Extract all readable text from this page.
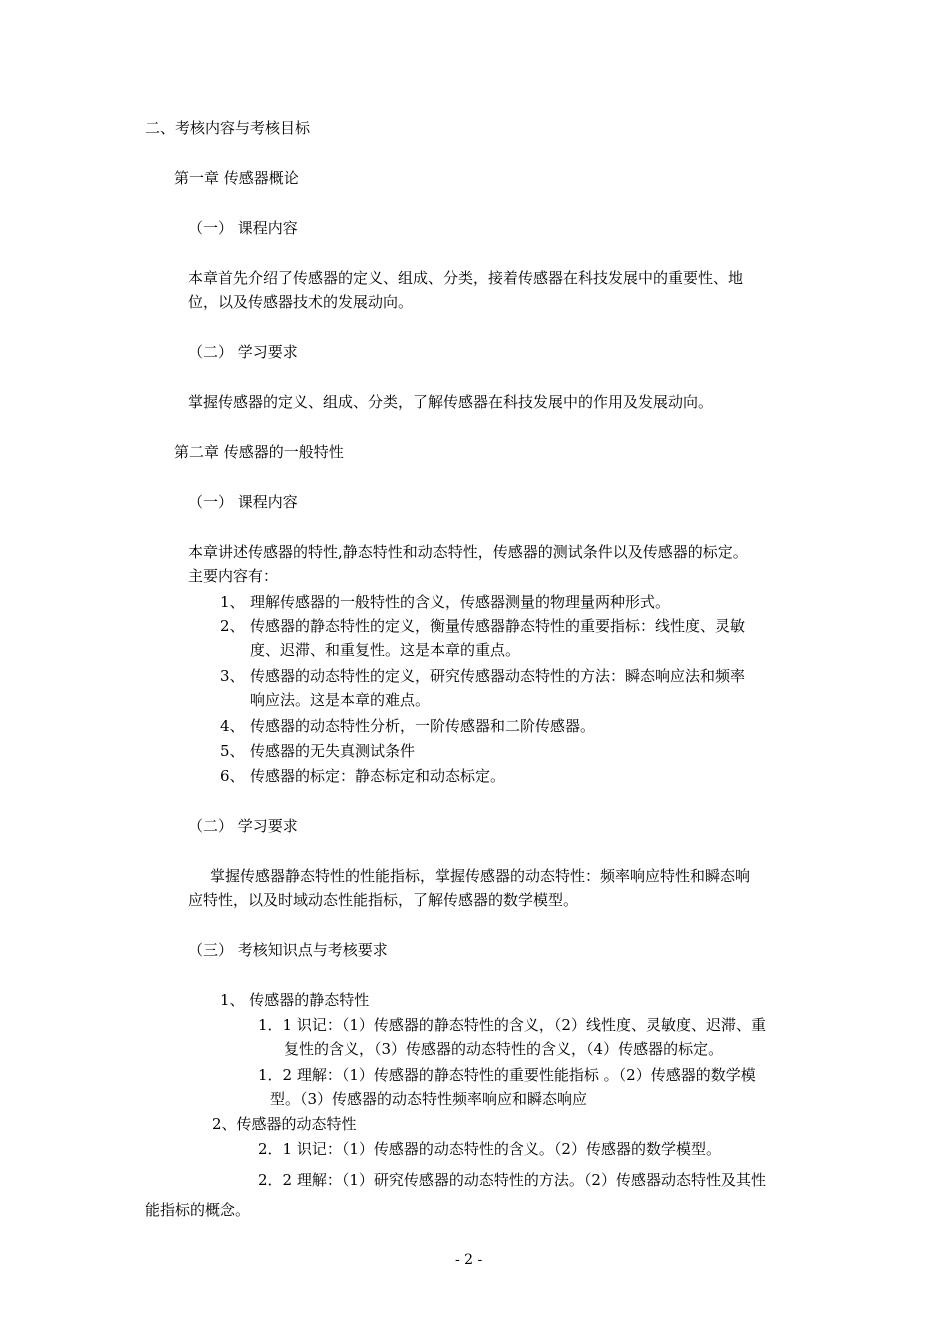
二、考核内容与考核目标
第一章 传感器概论
（一） 课程内容
本章首先介绍了传感器的定义、组成、分类，接着传感器在科技发展中的重要性、地
位，以及传感器技术的发展动向。
（二） 学习要求
掌握传感器的定义、组成、分类，了解传感器在科技发展中的作用及发展动向。
第二章 传感器的一般特性
（一） 课程内容
本章讲述传感器的特性,静态特性和动态特性，传感器的测试条件以及传感器的标定。
主要内容有：
1、 理解传感器的一般特性的含义，传感器测量的物理量两种形式。
2、 传感器的静态特性的定义，衡量传感器静态特性的重要指标：线性度、灵敏
度、迟滞、和重复性。这是本章的重点。
3、 传感器的动态特性的定义，研究传感器动态特性的方法：瞬态响应法和频率
响应法。这是本章的难点。
4、 传感器的动态特性分析，一阶传感器和二阶传感器。
5、 传感器的无失真测试条件
6、 传感器的标定：静态标定和动态标定。
（二） 学习要求
掌握传感器静态特性的性能指标，掌握传感器的动态特性：频率响应特性和瞬态响
应特性，以及时域动态性能指标，了解传感器的数学模型。
（三） 考核知识点与考核要求
1、 传感器的静态特性
1．1 识记：（1）传感器的静态特性的含义，（2）线性度、灵敏度、迟滞、重
复性的含义，（3）传感器的动态特性的含义，（4）传感器的标定。
1．2 理解：（1）传感器的静态特性的重要性能指标 。（2）传感器的数学模
型。（3）传感器的动态特性频率响应和瞬态响应
2、传感器的动态特性
2．1 识记：（1）传感器的动态特性的含义。（2）传感器的数学模型。
2．2 理解：（1）研究传感器的动态特性的方法。（2）传感器动态特性及其性
能指标的概念。
- 2 -
